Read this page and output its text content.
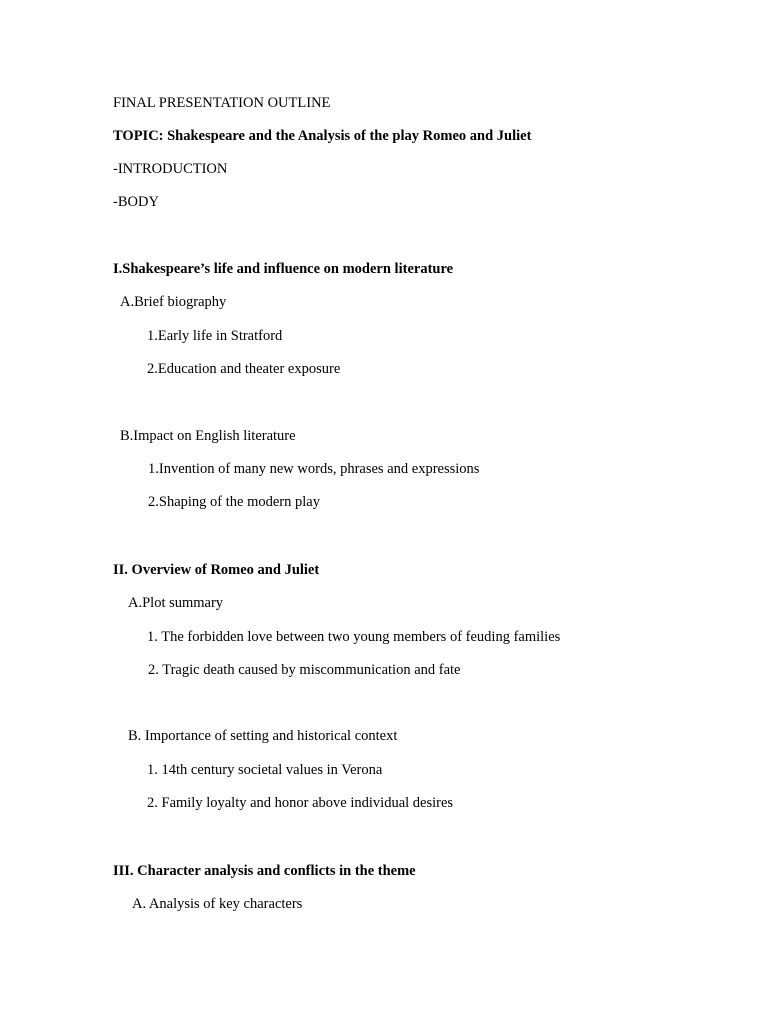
FINAL PRESENTATION OUTLINE

TOPIC: Shakespeare and the Analysis of the play Romeo and Juliet

-INTRODUCTION

-BODY

I.Shakespeare’s life and influence on modern literature

A.Brief biography

1.Early life in Stratford

2.Education and theater exposure

B.Impact on English literature

1.Invention of many new words, phrases and expressions

2.Shaping of the modern play

II. Overview of Romeo and Juliet

A.Plot summary

1. The forbidden love between two young members of feuding families

2. Tragic death caused by miscommunication and fate

B. Importance of setting and historical context

1. 14th century societal values in Verona

2. Family loyalty and honor above individual desires

III. Character analysis and conflicts in the theme

A. Analysis of key characters
